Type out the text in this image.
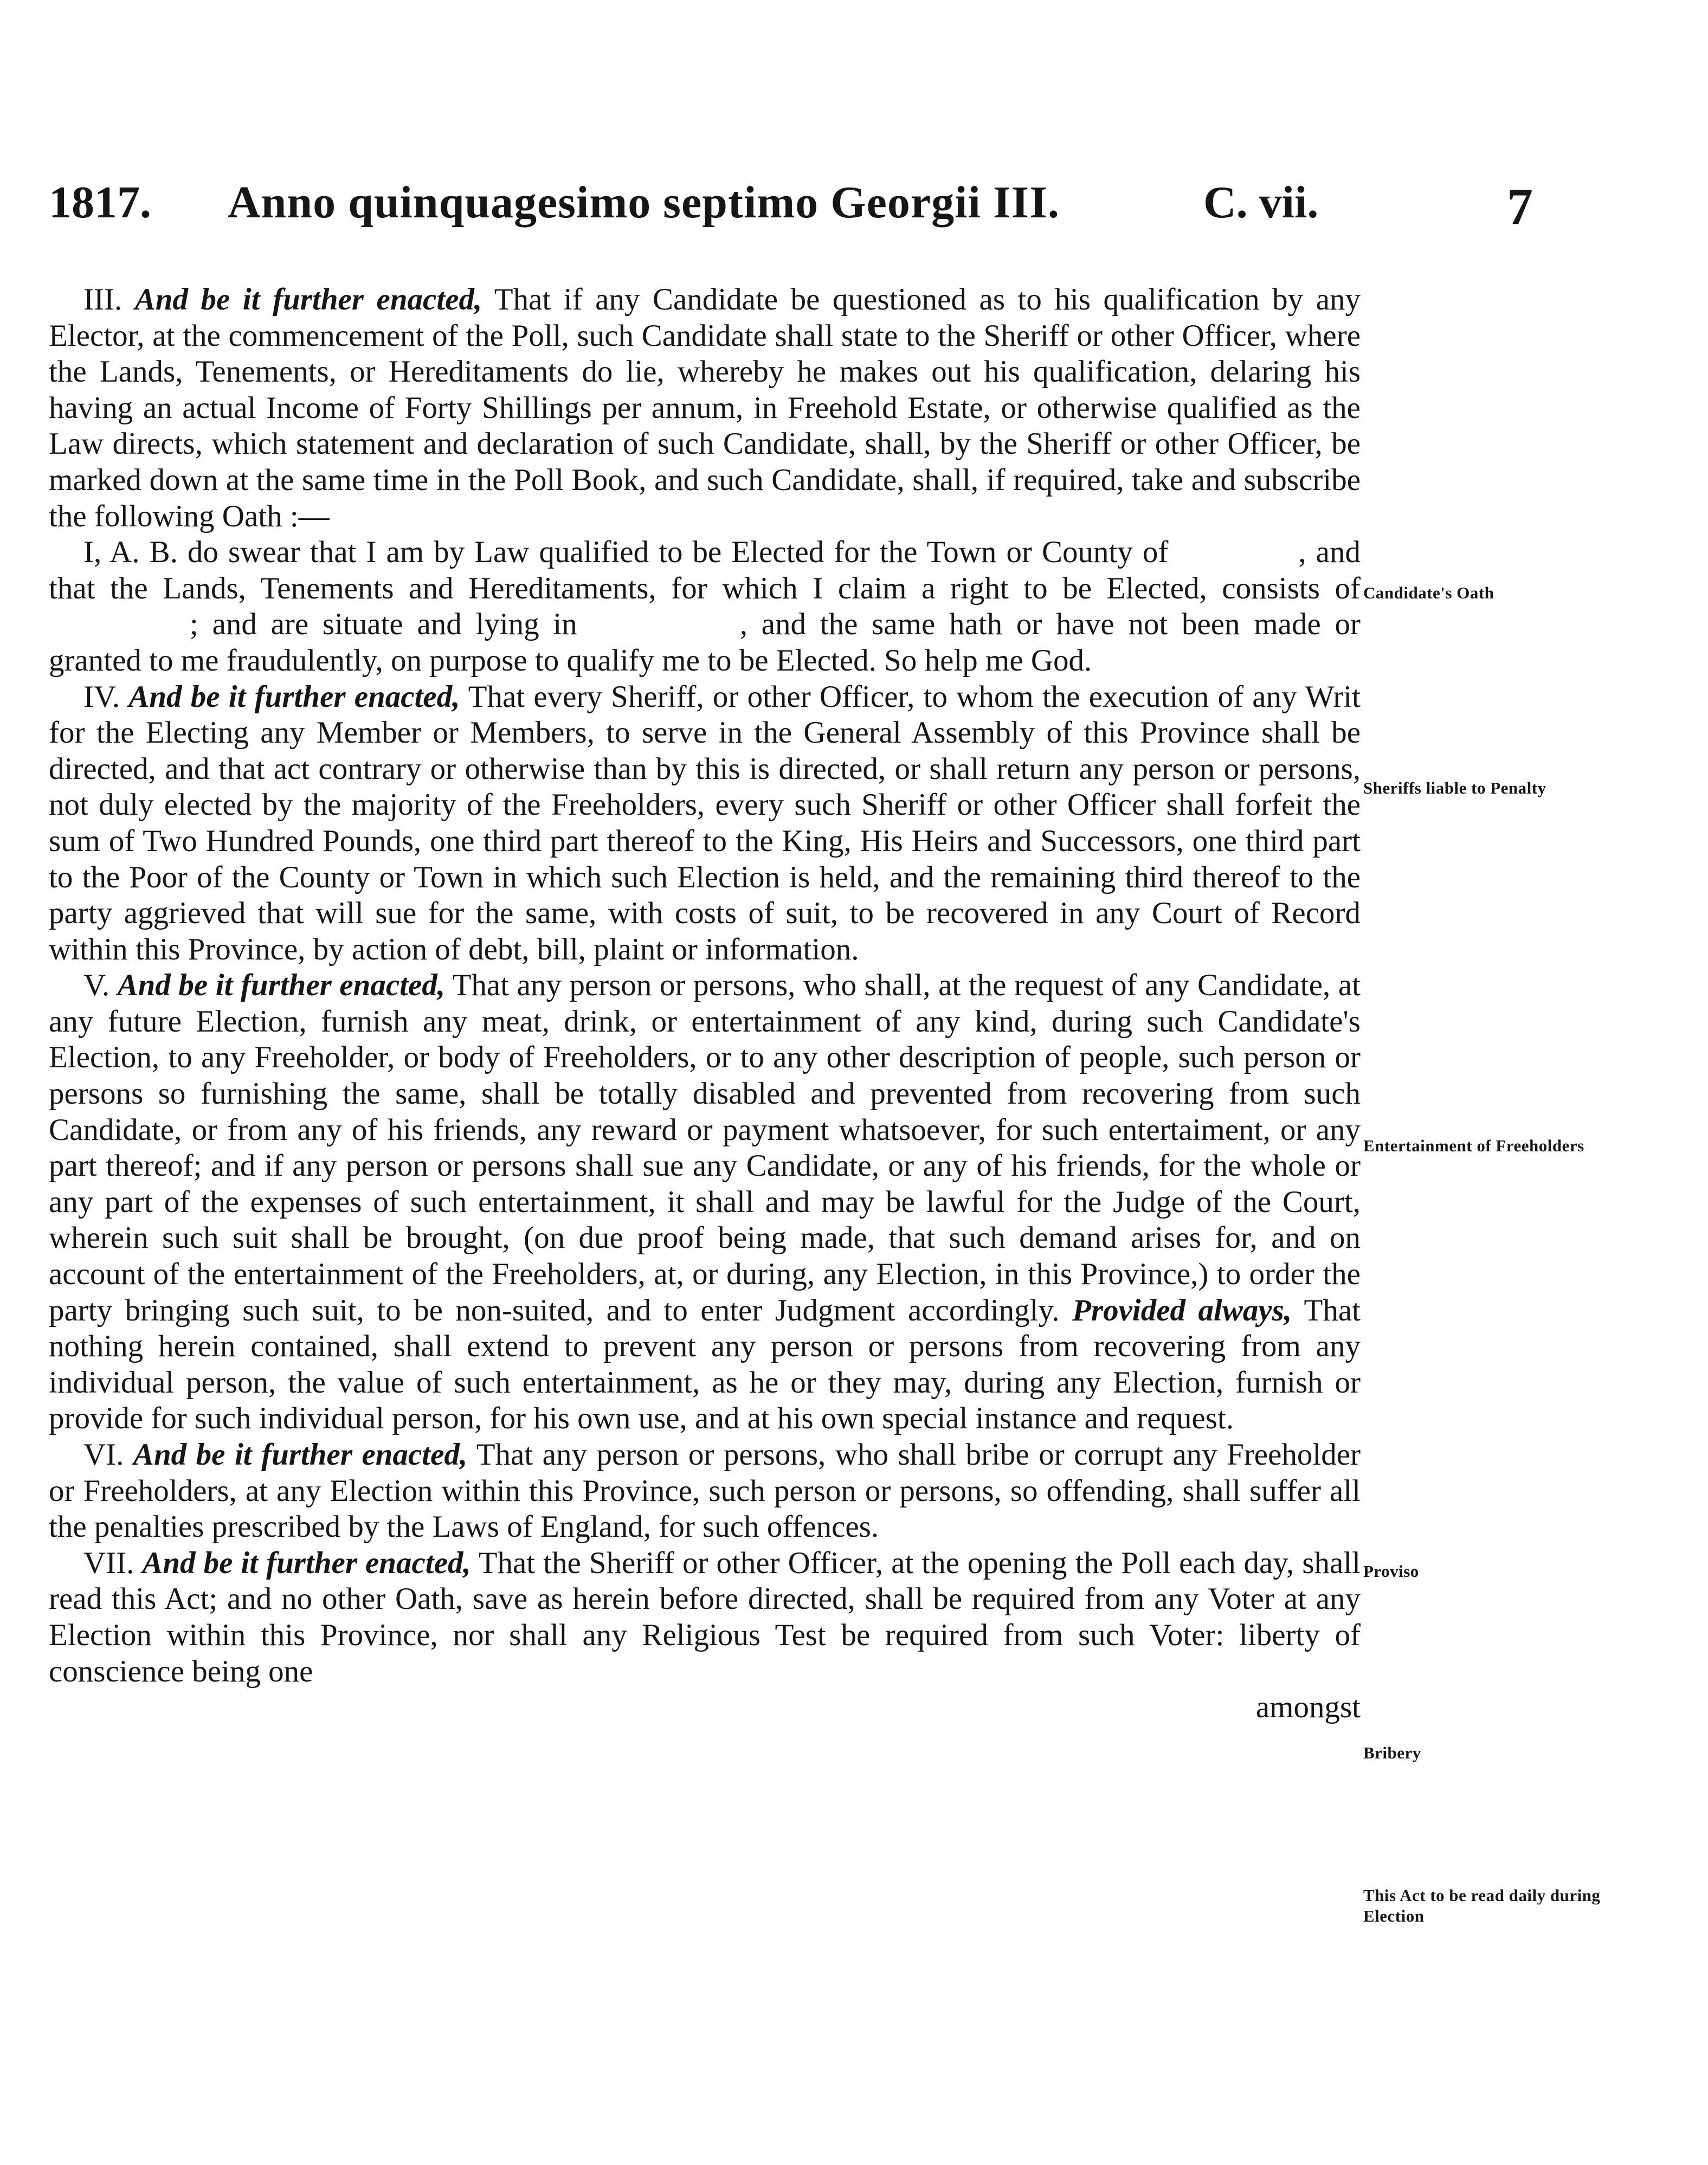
1817. Anno quinquagesimo septimo Georgii III.	C. vii.	7

III. And be it further enacted, That if any Candidate be questioned as to his qualification by any Elector, at the commencement of the Poll, such Candidate shall state to the Sheriff or other Officer, where the Lands, Tenements, or Hereditaments do lie, whereby he makes out his qualification, delaring his having an actual Income of Forty Shillings per annum, in Freehold Estate, or otherwise qualified as the Law directs, which statement and declaration of such Candidate, shall, by the Sheriff or other Officer, be marked down at the same time in the Poll Book, and such Candidate, shall, if required, take and subscribe the following Oath :—

I, A. B. do swear that I am by Law qualified to be Elected for the Town or County of	, and that the Lands, Tenements and Hereditaments, for which I claim a right to be Elected, consists of; and are situate and lying in	, and the same hath or have not been made or granted to me fraudulently, on purpose to qualify me to be Elected. So help me God.

IV. And be it further enacted, That every Sheriff, or other Officer, to whom the execution of any Writ for the Electing any Member or Members, to serve in the General Assembly of this Province shall be directed, and that act contrary or otherwise than by this is directed, or shall return any person or persons, not duly elected by the majority of the Freeholders, every such Sheriff or other Officer shall forfeit the sum of Two Hundred Pounds, one third part thereof to the King, His Heirs and Successors, one third part to the Poor of the County or Town in which such Election is held, and the remaining third thereof to the party aggrieved that will sue for the same, with costs of suit, to be recovered in any Court of Record within this Province, by action of debt, bill, plaint or information.

V. And be it further enacted, That any person or persons, who shall, at the request of any Candidate, at any future Election, furnish any meat, drink, or entertainment of any kind, during such Candidate's Election, to any Freeholder, or body of Freeholders, or to any other description of people, such person or persons so furnishing the same, shall be totally disabled and prevented from recovering from such Candidate, or from any of his friends, any reward or payment whatsoever, for such entertaiment, or any part thereof; and if any person or persons shall sue any Candidate, or any of his friends, for the whole or any part of the expenses of such entertainment, it shall and may be lawful for the Judge of the Court, wherein such suit shall be brought, (on due proof being made, that such demand arises for, and on account of the entertainment of the Freeholders, at, or during, any Election, in this Province,) to order the party bringing such suit, to be non-suited, and to enter Judgment accordingly. Provided always, That nothing herein contained, shall extend to prevent any person or persons from recovering from any individual person, the value of such entertainment, as he or they may, during any Election, furnish or provide for such individual person, for his own use, and at his own special instance and request.

VI. And be it further enacted, That any person or persons, who shall bribe or corrupt any Freeholder or Freeholders, at any Election within this Province, such person or persons, so offending, shall suffer all the penalties prescribed by the Laws of England, for such offences.

VII. And be it further enacted, That the Sheriff or other Officer, at the opening the Poll each day, shall read this Act; and no other Oath, save as herein before directed, shall be required from any Voter at any Election within this Province, nor shall any Religious Test be required from such Voter: liberty of conscience being one

amongst

Candidate's Oath
Sheriffs liable to Penalty
Entertainment of Freeholders
Proviso
Bribery
This Act to be read daily during Election
